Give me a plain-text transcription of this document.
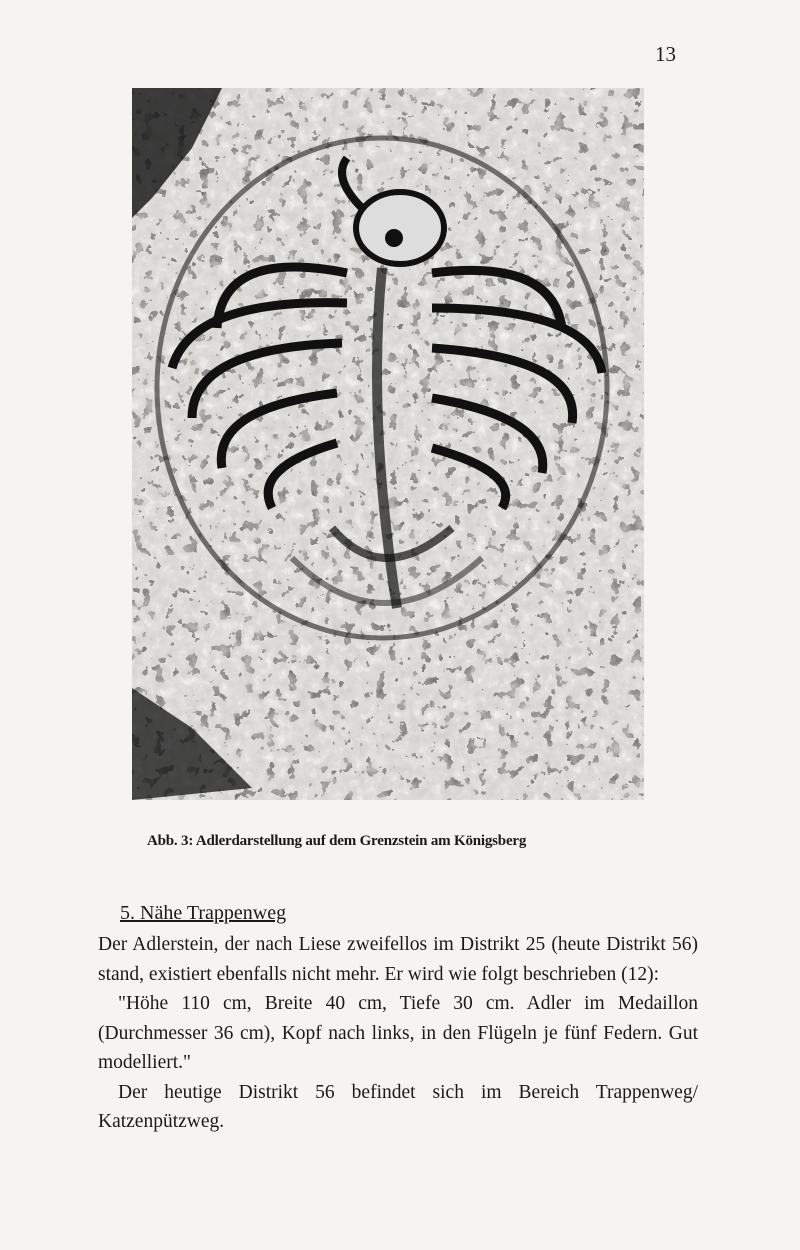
13
Abb. 3: Adlerdarstellung auf dem Grenzstein am Königsberg
5. Nähe Trappenweg

Der Adlerstein, der nach Liese zweifellos im Distrikt 25 (heute Distrikt 56) stand, existiert ebenfalls nicht mehr. Er wird wie folgt beschrieben (12):

"Höhe 110 cm, Breite 40 cm, Tiefe 30 cm. Adler im Medaillon (Durchmesser 36 cm), Kopf nach links, in den Flügeln je fünf Federn. Gut modelliert."

Der heutige Distrikt 56 befindet sich im Bereich Trappenweg/ Katzenpützweg.
